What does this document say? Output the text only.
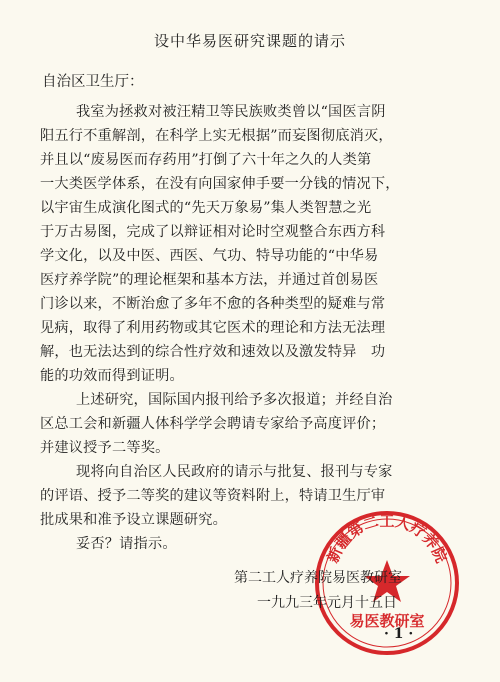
设中华易医研究课题的请示
自治区卫生厅：
我室为拯救对被汪精卫等民族败类曾以“国医言阴
阳五行不重解剖，在科学上实无根据”而妄图彻底消灭，
并且以“废易医而存药用”打倒了六十年之久的人类第
一大类医学体系，在没有向国家伸手要一分钱的情况下，
以宇宙生成演化图式的“先天万象易”集人类智慧之光
于万古易图，完成了以辩证相对论时空观整合东西方科
学文化，以及中医、西医、气功、特导功能的“中华易
医疗养学院”的理论框架和基本方法，并通过首创易医
门诊以来，不断治愈了多年不愈的各种类型的疑难与常
见病，取得了利用药物或其它医术的理论和方法无法理
解，也无法达到的综合性疗效和速效以及激发特异　功
能的功效而得到证明。
上述研究，国际国内报刊给予多次报道；并经自治
区总工会和新疆人体科学学会聘请专家给予高度评价；
并建议授予二等奖。
现将向自治区人民政府的请示与批复、报刊与专家
的评语、授予二等奖的建议等资料附上，特请卫生厅审
批成果和准予设立课题研究。
妥否？请指示。
新疆第二工人疗养院
易医教研室
第二工人疗养院易医教研室
一九九三年元月十五日
· 1 ·
